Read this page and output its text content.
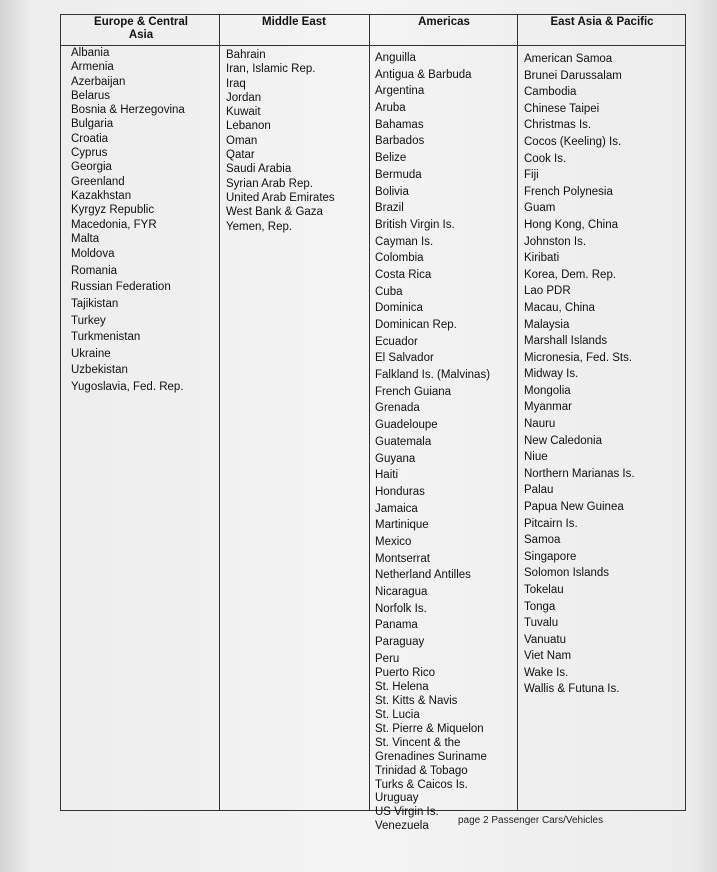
Europe & Central Asia
Middle East	Americas	East Asia & Pacific
Albania
Armenia
Azerbaijan
Belarus
Bosnia & Herzegovina
Bulgaria
Croatia
Cyprus
Georgia
Greenland
Kazakhstan
Kyrgyz Republic
Macedonia, FYR
Malta
Moldova
Romania
Russian Federation
Tajikistan
Turkey
Turkmenistan
Ukraine
Uzbekistan
Yugoslavia, Fed. Rep.
Bahrain
Iran, Islamic Rep.
Iraq
Jordan
Kuwait
Lebanon
Oman
Qatar
Saudi Arabia
Syrian Arab Rep.
United Arab Emirates
West Bank & Gaza
Yemen, Rep.
Anguilla
Antigua & Barbuda
Argentina
Aruba
Bahamas
Barbados
Belize
Bermuda
Bolivia
Brazil
British Virgin Is.
Cayman Is.
Colombia
Costa Rica
Cuba
Dominica
Dominican Rep.
Ecuador
El Salvador
Falkland Is. (Malvinas)
French Guiana
Grenada
Guadeloupe
Guatemala
Guyana
Haiti
Honduras
Jamaica
Martinique
Mexico
Montserrat
Netherland Antilles
Nicaragua
Norfolk Is.
Panama
Paraguay
Peru
Puerto Rico
St. Helena
St. Kitts & Navis
St. Lucia
St. Pierre & Miquelon
St. Vincent & the
Grenadines Suriname
Trinidad & Tobago
Turks & Caicos Is.
Uruguay
US Virgin Is.
Venezuela
American Samoa
Brunei Darussalam
Cambodia
Chinese Taipei
Christmas Is.
Cocos (Keeling) Is.
Cook Is.
Fiji
French Polynesia
Guam
Hong Kong, China
Johnston Is.
Kiribati
Korea, Dem. Rep.
Lao PDR
Macau, China
Malaysia
Marshall Islands
Micronesia, Fed. Sts.
Midway Is.
Mongolia
Myanmar
Nauru
New Caledonia
Niue
Northern Marianas Is.
Palau
Papua New Guinea
Pitcairn Is.
Samoa
Singapore
Solomon Islands
Tokelau
Tonga
Tuvalu
Vanuatu
Viet Nam
Wake Is.
Wallis & Futuna Is.
page 2 Passenger Cars/Vehicles
